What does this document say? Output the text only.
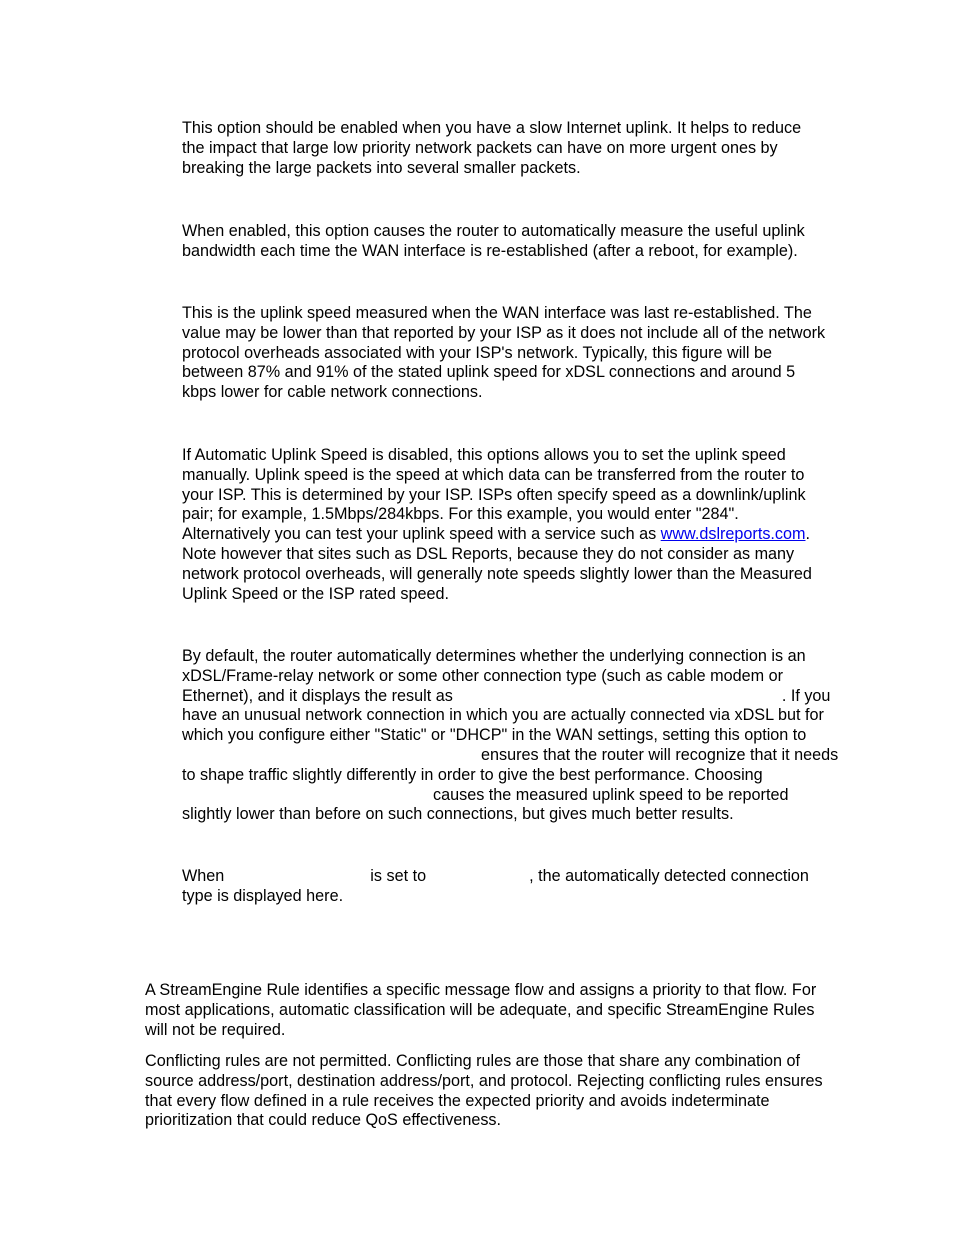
This option should be enabled when you have a slow Internet uplink. It helps to reduce
the impact that large low priority network packets can have on more urgent ones by
breaking the large packets into several smaller packets.
When enabled, this option causes the router to automatically measure the useful uplink
bandwidth each time the WAN interface is re-established (after a reboot, for example).
This is the uplink speed measured when the WAN interface was last re-established. The
value may be lower than that reported by your ISP as it does not include all of the network
protocol overheads associated with your ISP's network. Typically, this figure will be
between 87% and 91% of the stated uplink speed for xDSL connections and around 5
kbps lower for cable network connections.
If Automatic Uplink Speed is disabled, this options allows you to set the uplink speed
manually. Uplink speed is the speed at which data can be transferred from the router to
your ISP. This is determined by your ISP. ISPs often specify speed as a downlink/uplink
pair; for example, 1.5Mbps/284kbps. For this example, you would enter "284".
Alternatively you can test your uplink speed with a service such as www.dslreports.com.
Note however that sites such as DSL Reports, because they do not consider as many
network protocol overheads, will generally note speeds slightly lower than the Measured
Uplink Speed or the ISP rated speed.
By default, the router automatically determines whether the underlying connection is an
xDSL/Frame-relay network or some other connection type (such as cable modem or
Ethernet), and it displays the result as	. If you
have an unusual network connection in which you are actually connected via xDSL but for
which you configure either "Static" or "DHCP" in the WAN settings, setting this option to
ensures that the router will recognize that it needs
to shape traffic slightly differently in order to give the best performance. Choosing
causes the measured uplink speed to be reported
slightly lower than before on such connections, but gives much better results.
When	is set to	, the automatically detected connection
type is displayed here.
A StreamEngine Rule identifies a specific message flow and assigns a priority to that flow. For
most applications, automatic classification will be adequate, and specific StreamEngine Rules
will not be required.
Conflicting rules are not permitted. Conflicting rules are those that share any combination of
source address/port, destination address/port, and protocol. Rejecting conflicting rules ensures
that every flow defined in a rule receives the expected priority and avoids indeterminate
prioritization that could reduce QoS effectiveness.
